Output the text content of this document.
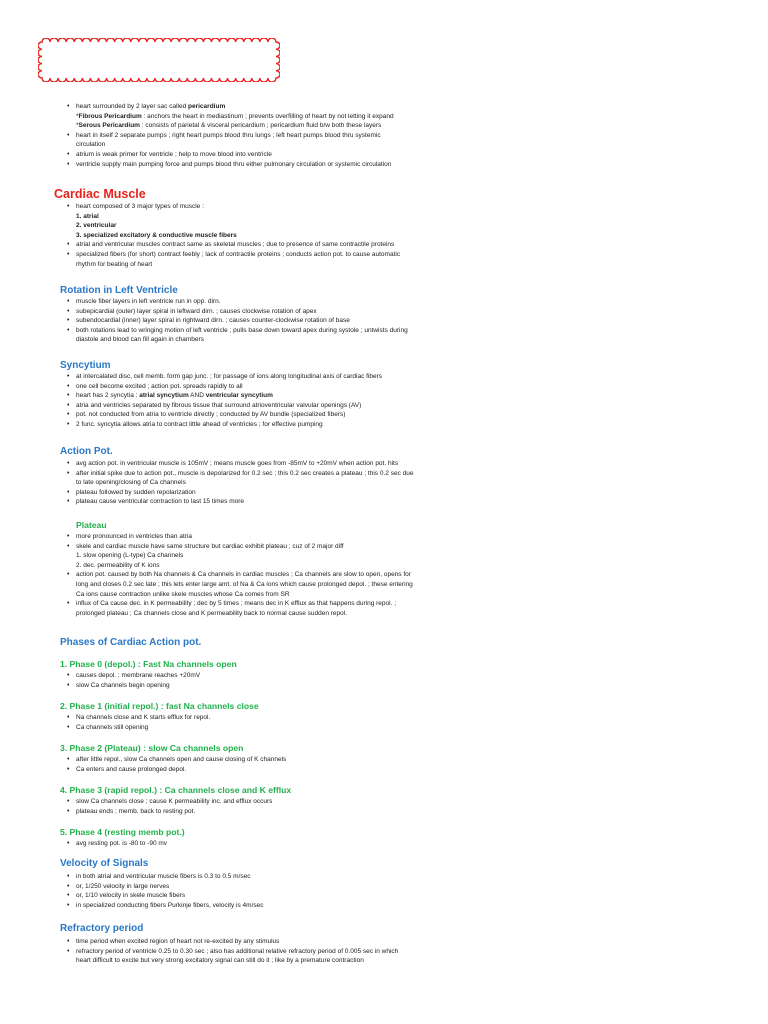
• heart surrounded by 2 layer sac called pericardium
*Fibrous Pericardium : anchors the heart in mediastinum ; prevents overfilling of heart by not letting it expand
*Serous Pericardium : consists of parietal & visceral pericardium ; pericardium fluid b/w both these layers
• heart in itself 2 separate pumps ; right heart pumps blood thru lungs ; left heart pumps blood thru systemic
circulation
• atrium is weak primer for ventricle ; help to move blood into ventricle
• ventricle supply main pumping force and pumps blood thru either pulmonary circulation or systemic circulation
Cardiac Muscle
• heart composed of 3 major types of muscle :
1. atrial
2. ventricular
3. specialized excitatory & conductive muscle fibers
• atrial and ventricular muscles contract same as skeletal muscles ; due to presence of same contractile proteins
• specialized fibers (for short) contract feebly ; lack of contractile proteins ; conducts action pot. to cause automatic
rhythm for beating of heart
Rotation in Left Ventricle
• muscle fiber layers in left ventricle run in opp. dirn.
• subepicardial (outer) layer spiral in leftward dirn. ; causes clockwise rotation of apex
• subendocardial (inner) layer spiral in rightward dirn. ; causes counter-clockwise rotation of base
• both rotations lead to wringing motion of left ventricle ; pulls base down toward apex during systole ; untwists during
diastole and blood can fill again in chambers
Syncytium
• at intercalated disc, cell memb. form gap junc. ; for passage of ions along longitudinal axis of cardiac fibers
• one cell become excited ; action pot. spreads rapidly to all
• heart has 2 syncytia : atrial syncytium AND ventricular syncytium
• atria and ventricles separated by fibrous tissue that surround atrioventricular valvular openings (AV)
• pot. not conducted from atria to ventricle directly ; conducted by AV bundle (specialized fibers)
• 2 func. syncytia allows atria to contract little ahead of ventricles ; for effective pumping
Action Pot.
• avg action pot. in ventricular muscle is 105mV ; means muscle goes from -85mV to +20mV when action pot. hits
• after initial spike due to action pot., muscle is depolarized for 0.2 sec ; this 0.2 sec creates a plateau ; this 0.2 sec due
to late opening/closing of Ca channels
• plateau followed by sudden repolarization
• plateau cause ventricular contraction to last 15 times more
Plateau
• more pronounced in ventricles than atria
• skele and cardiac muscle have same structure but cardiac exhibit plateau ; cuz of 2 major diff
1. slow opening (L-type) Ca channels
2. dec. permeability of K ions
• action pot. caused by both Na channels & Ca channels in cardiac muscles ; Ca channels are slow to open, opens for
long and closes 0.2 sec late ; this lets enter large amt. of Na & Ca ions which cause prolonged depol. ; these entering
Ca ions cause contraction unlike skele muscles whose Ca comes from SR
• influx of Ca cause dec. in K permeability ; dec by 5 times ; means dec in K efflux as that happens during repol. ;
prolonged plateau ; Ca channels close and K permeability back to normal cause sudden repol.
Phases of Cardiac Action pot.
1. Phase 0 (depol.) : Fast Na channels open
• causes depol. ; membrane reaches +20mV
• slow Ca channels begin opening
2. Phase 1 (initial repol.) : fast Na channels close
• Na channels close and K starts efflux for repol.
• Ca channels still opening
3. Phase 2 (Plateau) : slow Ca channels open
• after little repol., slow Ca channels open and cause closing of K channels
• Ca enters and cause prolonged depol.
4. Phase 3 (rapid repol.) : Ca channels close and K efflux
• slow Ca channels close ; cause K permeability inc. and efflux occurs
• plateau ends ; memb. back to resting pot.
5. Phase 4 (resting memb pot.)
• avg resting pot. is -80 to -90 mv
Velocity of Signals
• in both atrial and ventricular muscle fibers is 0.3 to 0.5 m/sec
• or, 1/250 velocity in large nerves
• or, 1/10 velocity in skele muscle fibers
• in specialized conducting fibers Purkinje fibers, velocity is 4m/sec
Refractory period
• time period when excited region of heart not re-excited by any stimulus
• refractory period of ventricle 0.25 to 0.30 sec ; also has additional relative refractory period of 0.005 sec in which
heart difficult to excite but very strong excitatory signal can still do it ; like by a premature contraction
